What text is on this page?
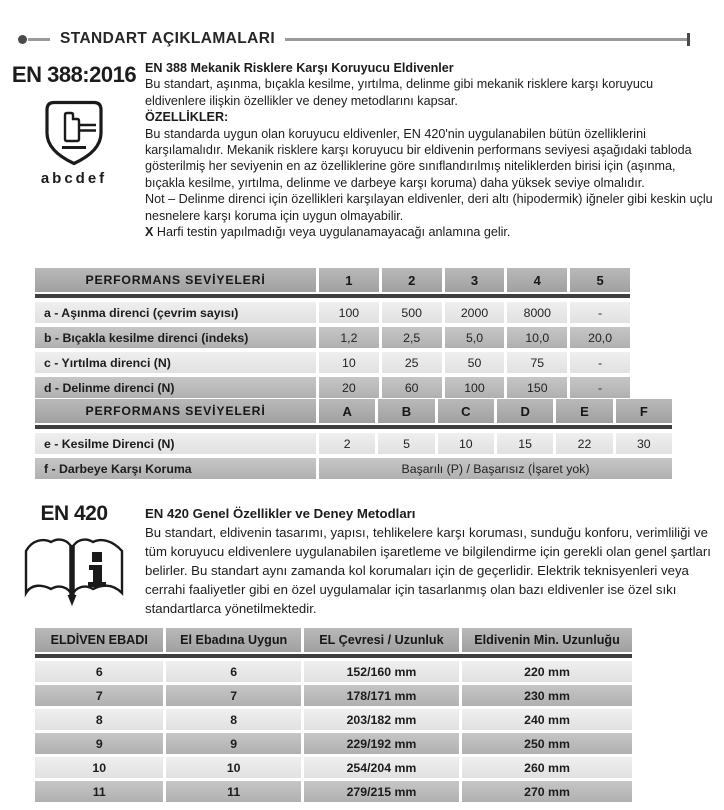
STANDART AÇIKLAMALARI
EN 388:2016
abcdef

EN 388 Mekanik Risklere Karşı Koruyucu Eldivenler

Bu standart, aşınma, bıçakla kesilme, yırtılma, delinme gibi mekanik risklere karşı koruyucu eldivenlere ilişkin özellikler ve deney metodlarını kapsar.

ÖZELLİKLER:

Bu standarda uygun olan koruyucu eldivenler, EN 420'nin uygulanabilen bütün özelliklerini karşılamalıdır. Mekanik risklere karşı koruyucu bir eldivenin performans seviyesi aşağıdaki tabloda gösterilmiş her seviyenin en az özelliklerine göre sınıflandırılmış niteliklerden birisi için (aşınma, bıçakla kesilme, yırtılma, delinme ve darbeye karşı koruma) daha yüksek seviye olmalıdır.

Not – Delinme direnci için özellikleri karşılayan eldivenler, deri altı (hipodermik) iğneler gibi keskin uçlu nesnelere karşı koruma için uygun olmayabilir.

X Harfi testin yapılmadığı veya uygulanamayacağı anlamına gelir.

PERFORMANS SEVİYELERİ	1	2	3	4	5
a - Aşınma direnci (çevrim sayısı)	100	500	2000	8000	-
b - Bıçakla kesilme direnci (indeks)	1,2	2,5	5,0	10,0	20,0
c - Yırtılma direnci (N)	10	25	50	75	-
d - Delinme direnci (N)	20	60	100	150	-
PERFORMANS SEVİYELERİ	A	B	C	D	E	F
e - Kesilme Direnci (N)	2	5	10	15	22	30
f - Darbeye Karşı Koruma	Başarılı (P) / Başarısız (İşaret yok)
EN 420	EN 420 Genel Özellikler ve Deney Metodları

Bu standart, eldivenin tasarımı, yapısı, tehlikelere karşı koruması, sunduğu konforu, verimliliği ve tüm koruyucu eldivenlere uygulanabilen işaretleme ve bilgilendirme için gerekli olan genel şartları belirler. Bu standart aynı zamanda kol korumaları için de geçerlidir. Elektrik teknisyenleri veya cerrahi faaliyetler gibi en özel uygulamalar için tasarlanmış olan bazı eldivenler ise özel sıkı standartlarca yönetilmektedir.

ELDİVEN EBADI	El Ebadına Uygun	EL Çevresi / Uzunluk	Eldivenin Min. Uzunluğu
6	6	152/160 mm	220 mm
7	7	178/171 mm	230 mm
8	8	203/182 mm	240 mm
9	9	229/192 mm	250 mm
10	10	254/204 mm	260 mm
11	11	279/215 mm	270 mm
